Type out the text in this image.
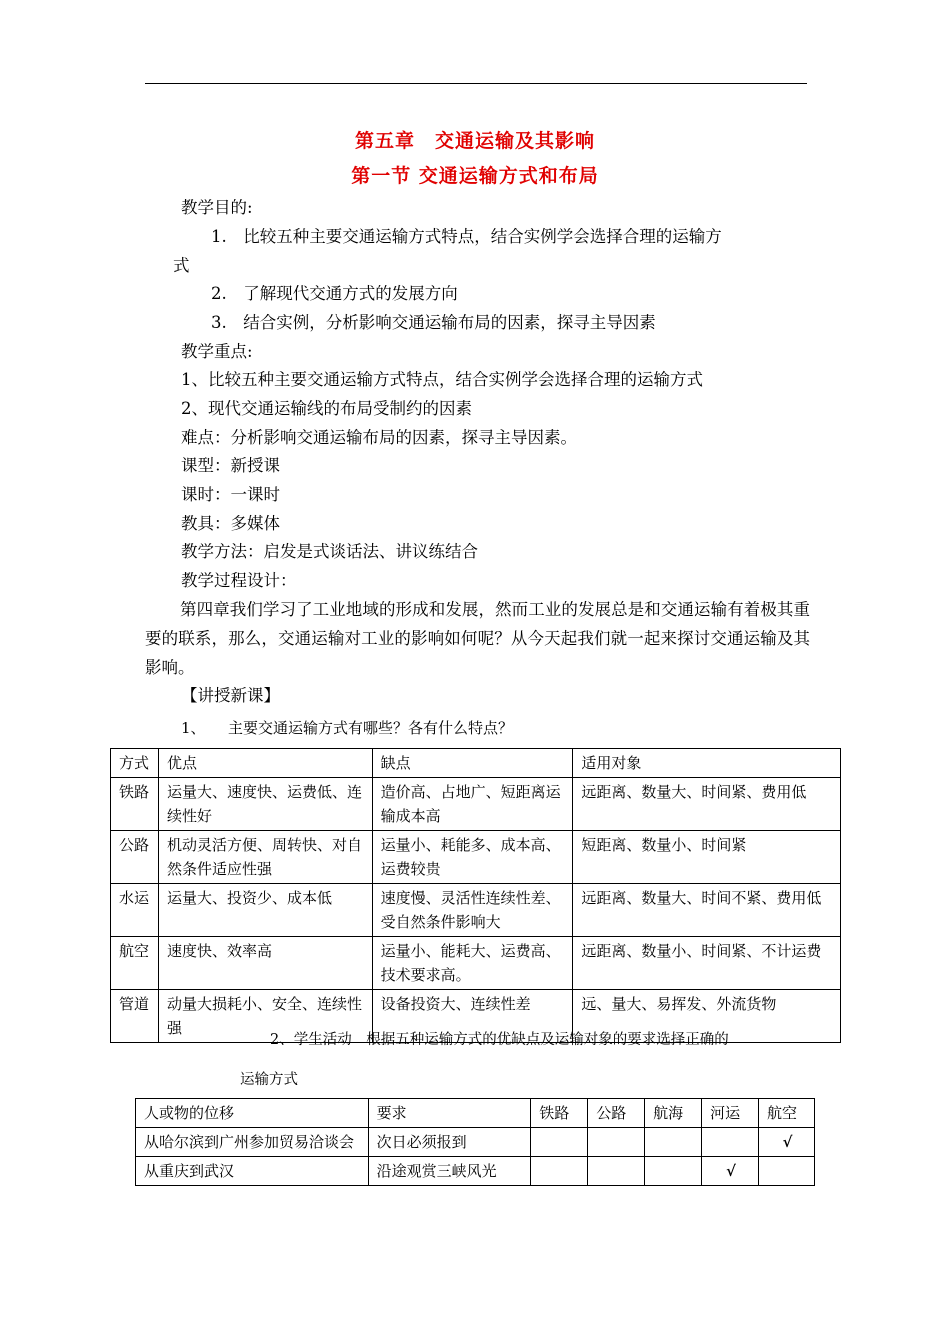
第五章　交通运输及其影响
第一节 交通运输方式和布局
教学目的:
1.　比较五种主要交通运输方式特点，结合实例学会选择合理的运输方
式
2.　了解现代交通方式的发展方向
3.　结合实例，分析影响交通运输布局的因素，探寻主导因素
教学重点:
1、比较五种主要交通运输方式特点，结合实例学会选择合理的运输方式
2、现代交通运输线的布局受制约的因素
难点：分析影响交通运输布局的因素，探寻主导因素。
课型：新授课
课时：一课时
教具：多媒体
教学方法：启发是式谈话法、讲议练结合
教学过程设计：
第四章我们学习了工业地域的形成和发展，然而工业的发展总是和交通运输有着极其重要的联系，那么，交通运输对工业的影响如何呢？从今天起我们就一起来探讨交通运输及其影响。
【讲授新课】
1、　　主要交通运输方式有哪些？各有什么特点？
方式	优点	缺点	适用对象
铁路	运量大、速度快、运费低、连续性好	造价高、占地广、短距离运输成本高	远距离、数量大、时间紧、费用低
公路	机动灵活方便、周转快、对自然条件适应性强	运量小、耗能多、成本高、运费较贵	短距离、数量小、时间紧
水运	运量大、投资少、成本低	速度慢、灵活性连续性差、受自然条件影响大	远距离、数量大、时间不紧、费用低
航空	速度快、效率高	运量小、能耗大、运费高、技术要求高。	远距离、数量小、时间紧、不计运费
管道	动量大损耗小、安全、连续性强	设备投资大、连续性差	远、量大、易挥发、外流货物
2、学生活动　根据五种运输方式的优缺点及运输对象的要求选择正确的
运输方式
人或物的位移	要求	铁路	公路	航海	河运	航空
从哈尔滨到广州参加贸易洽谈会	次日必须报到					√
从重庆到武汉	沿途观赏三峡风光				√	
